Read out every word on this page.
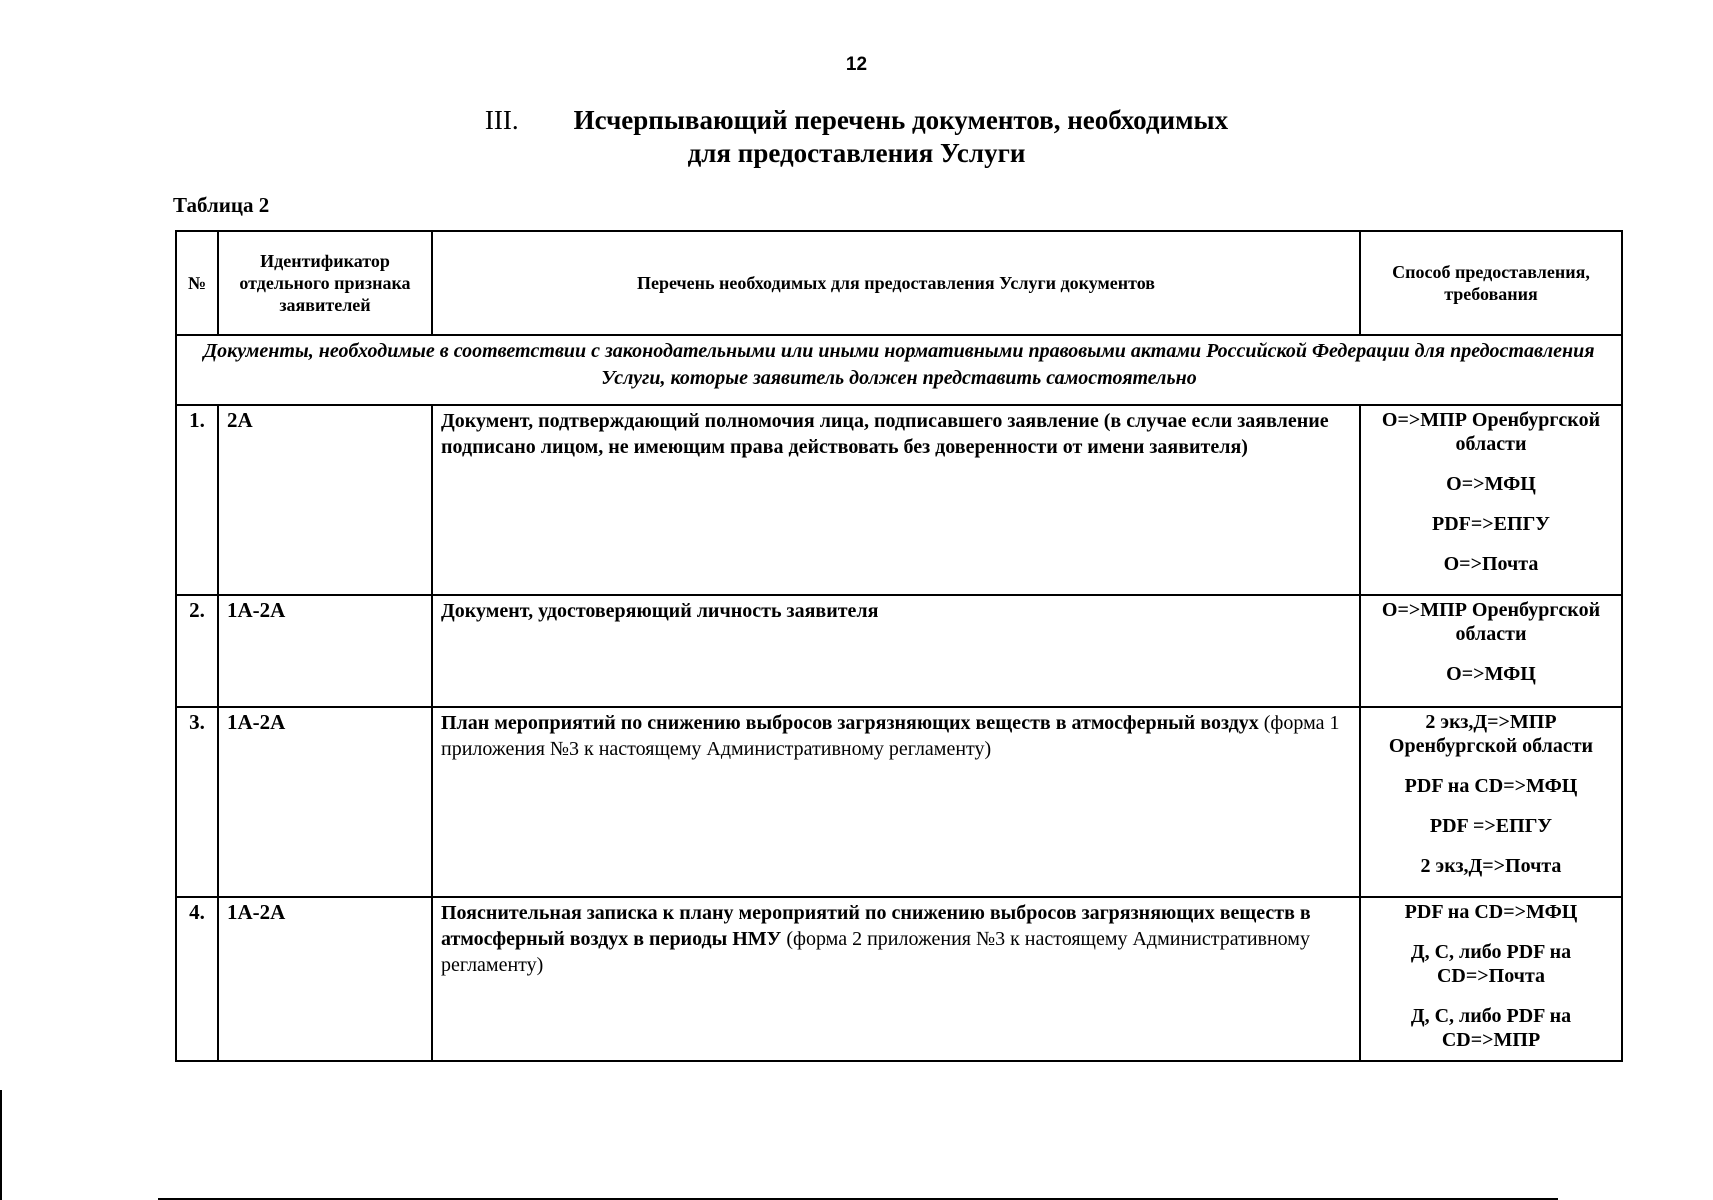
12
III. Исчерпывающий перечень документов, необходимых
для предоставления Услуги
Таблица 2
№	Идентификатор отдельного признака заявителей	Перечень необходимых для предоставления Услуги документов	Способ предоставления, требования
Документы, необходимые в соответствии с законодательными или иными нормативными правовыми актами Российской Федерации для предоставления Услуги, которые заявитель должен представить самостоятельно			
1.	2А	Документ, подтверждающий полномочия лица, подписавшего заявление (в случае если заявление подписано лицом, не имеющим права действовать без доверенности от имени заявителя)	О=>МПР Оренбургской области
О=>МФЦ
PDF=>ЕПГУ
О=>Почта

2.	1А-2А	Документ, удостоверяющий личность заявителя	О=>МПР Оренбургской области
О=>МФЦ

3.	1А-2А	План мероприятий по снижению выбросов загрязняющих веществ в атмосферный воздух (форма 1 приложения №3 к настоящему Административному регламенту)	2 экз,Д=>МПР Оренбургской области
PDF на CD=>МФЦ
PDF =>ЕПГУ
2 экз,Д=>Почта

4.	1А-2А	Пояснительная записка к плану мероприятий по снижению выбросов загрязняющих веществ в атмосферный воздух в периоды НМУ (форма 2 приложения №3 к настоящему Административному регламенту)	PDF на CD=>МФЦ
Д, С, либо PDF на CD=>Почта
Д, С, либо PDF на CD=>МПР
